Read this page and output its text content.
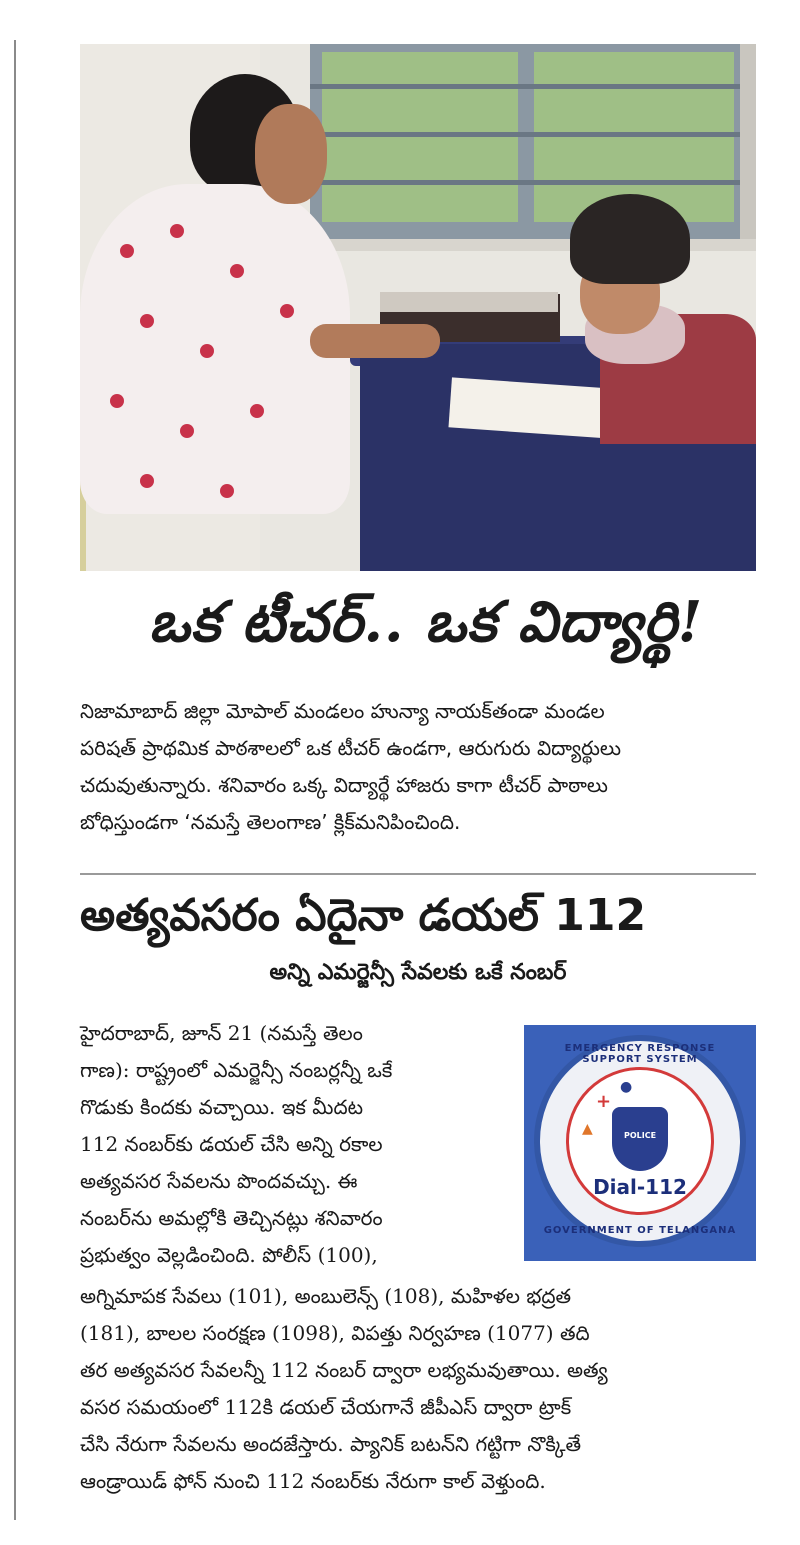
ఒక టీచర్.. ఒక విద్యార్థి!
నిజామాబాద్ జిల్లా మోపాల్ మండలం హున్యా నాయక్‌తండా మండల
పరిషత్ ప్రాథమిక పాఠశాలలో ఒక టీచర్ ఉండగా, ఆరుగురు విద్యార్థులు
చదువుతున్నారు. శనివారం ఒక్క విద్యార్థే హాజరు కాగా టీచర్ పాఠాలు
బోధిస్తుండగా ‘నమస్తే తెలంగాణ’ క్లిక్‌మనిపించింది.
అత్యవసరం ఏదైనా డయల్ 112
అన్ని ఎమర్జెన్సీ సేవలకు ఒకే నంబర్
హైదరాబాద్, జూన్ 21 (నమస్తే తెలం
గాణ): రాష్ట్రంలో ఎమర్జెన్సీ నంబర్లన్నీ ఒకే
గొడుకు కిందకు వచ్చాయి. ఇక మీదట
112 నంబర్‌కు డయల్ చేసి అన్ని రకాల
అత్యవసర సేవలను పొందవచ్చు. ఈ
నంబర్‌ను అమల్లోకి తెచ్చినట్లు శనివారం
ప్రభుత్వం వెల్లడించింది. పోలీస్ (100),
EMERGENCY RESPONSE SUPPORT SYSTEM
+
●
▲	POLICE
Dial-112
GOVERNMENT OF TELANGANA
అగ్నిమాపక సేవలు (101), అంబులెన్స్ (108), మహిళల భద్రత
(181), బాలల సంరక్షణ (1098), విపత్తు నిర్వహణ (1077) తది
తర అత్యవసర సేవలన్నీ 112 నంబర్ ద్వారా లభ్యమవుతాయి. అత్య
వసర సమయంలో 112కి డయల్ చేయగానే జీపీఎస్ ద్వారా ట్రాక్
చేసి నేరుగా సేవలను అందజేస్తారు. ప్యానిక్ బటన్‌ని గట్టిగా నొక్కితే
ఆండ్రాయిడ్ ఫోన్ నుంచి 112 నంబర్‌కు నేరుగా కాల్ వెళ్తుంది.
